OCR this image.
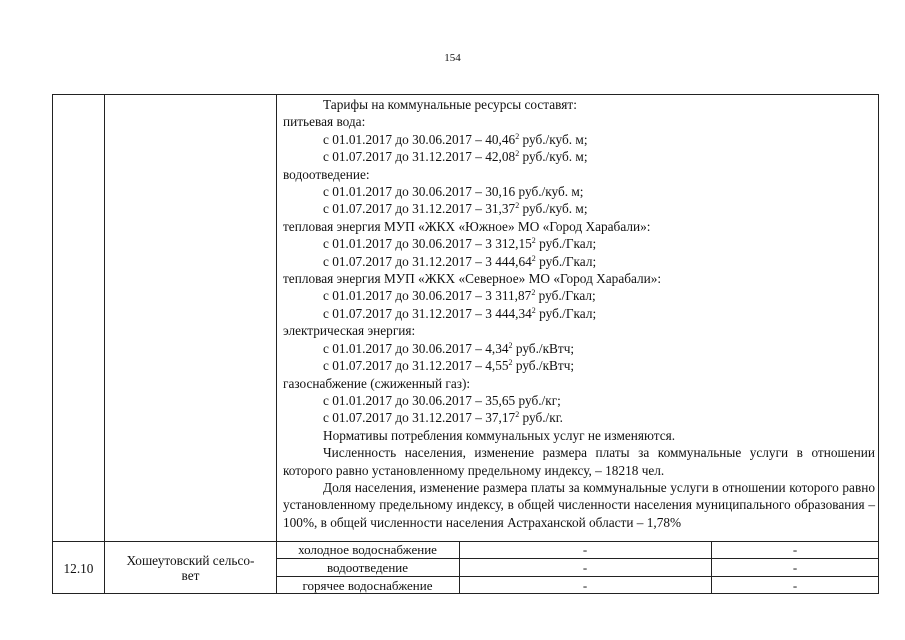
154
Тарифы на коммунальные ресурсы составят:
питьевая вода:
с 01.01.2017 до 30.06.2017 – 40,46$^2$ руб./куб. м;
с 01.07.2017 до 31.12.2017 – 42,08$^2$ руб./куб. м;
водоотведение:
с 01.01.2017 до 30.06.2017 – 30,16 руб./куб. м;
с 01.07.2017 до 31.12.2017 – 31,37$^2$ руб./куб. м;
тепловая энергия МУП «ЖКХ «Южное» МО «Город Харабали»:
с 01.01.2017 до 30.06.2017 – 3 312,15$^2$ руб./Гкал;
с 01.07.2017 до 31.12.2017 – 3 444,64$^2$ руб./Гкал;
тепловая энергия МУП «ЖКХ «Северное» МО «Город Харабали»:
с 01.01.2017 до 30.06.2017 – 3 311,87$^2$ руб./Гкал;
с 01.07.2017 до 31.12.2017 – 3 444,34$^2$ руб./Гкал;
электрическая энергия:
с 01.01.2017 до 30.06.2017 – 4,34$^2$ руб./кВтч;
с 01.07.2017 до 31.12.2017 – 4,55$^2$ руб./кВтч;
газоснабжение (сжиженный газ):
с 01.01.2017 до 30.06.2017 – 35,65 руб./кг;
с 01.07.2017 до 31.12.2017 – 37,17$^2$ руб./кг.
Нормативы потребления коммунальных услуг не изменяются.
Численность населения, изменение размера платы за коммунальные услуги в отношении которого равно установленному предельному индексу, – 18218 чел.
Доля населения, изменение размера платы за коммунальные услуги в отношении которого равно установленному предельному индексу, в общей численности населения муниципального образования – 100%, в общей численности населения Астраханской области – 1,78%
12.10	Хошеутовский сельсо-
вет
холодное водоснабжение	-	-
водоотведение	-	-
горячее водоснабжение	-	-
